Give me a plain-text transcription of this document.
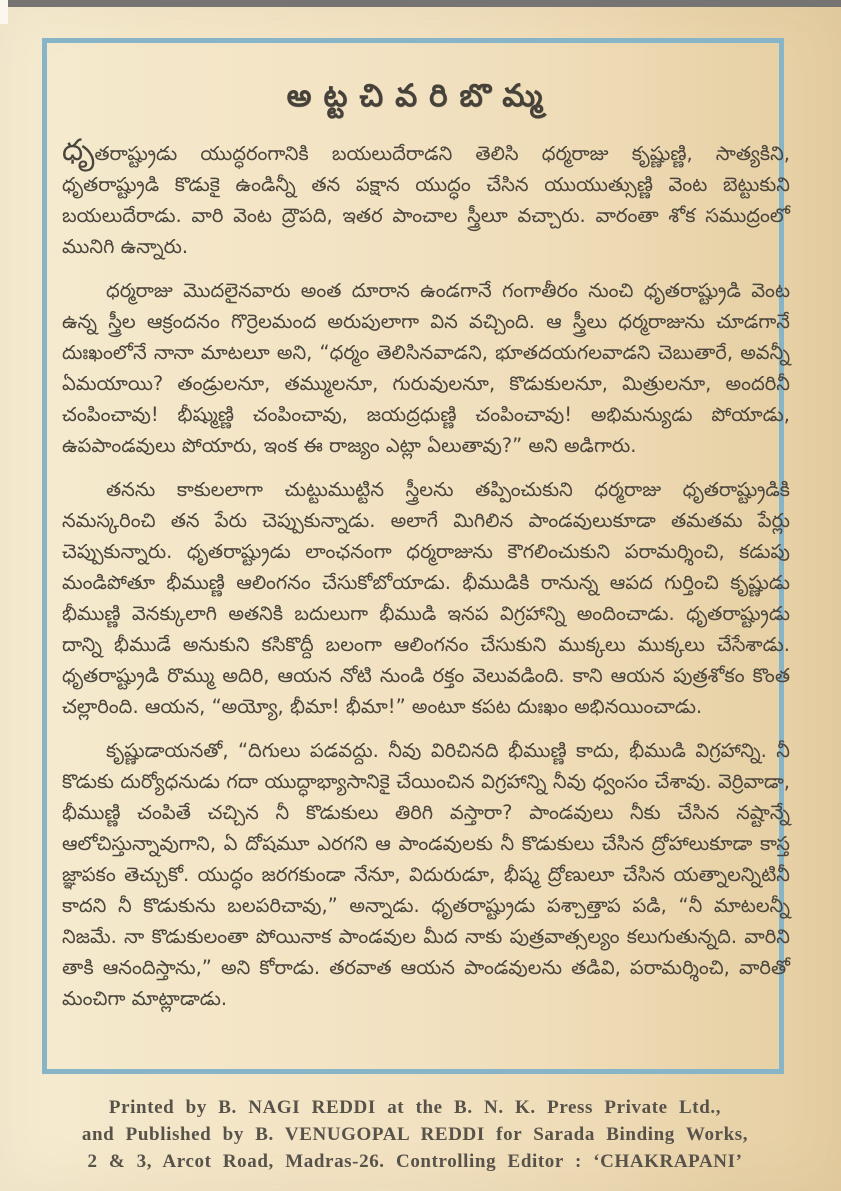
అట్టచివరిబొమ్మ

ధృతరాష్ట్రుడు యుద్ధరంగానికి బయలుదేరాడని తెలిసి ధర్మరాజు కృష్ణుణ్ణి, సాత్యకిని, ధృతరాష్ట్రుడి కొడుకై ఉండిన్నీ తన పక్షాన యుద్ధం చేసిన యుయుత్సుణ్ణి వెంట బెట్టుకుని బయలుదేరాడు. వారి వెంట ద్రౌపది, ఇతర పాంచాల స్త్రీలూ వచ్చారు. వారంతా శోక సముద్రంలో మునిగి ఉన్నారు.

ధర్మరాజు మొదలైనవారు అంత దూరాన ఉండగానే గంగాతీరం నుంచి ధృతరాష్ట్రుడి వెంట ఉన్న స్త్రీల ఆక్రందనం గొర్రెలమంద అరుపులాగా విన వచ్చింది. ఆ స్త్రీలు ధర్మరాజును చూడగానే దుఃఖంలోనే నానా మాటలూ అని, “ధర్మం తెలిసినవాడని, భూతదయగలవాడని చెబుతారే, అవన్నీ ఏమయాయి? తండ్రులనూ, తమ్ములనూ, గురువులనూ, కొడుకులనూ, మిత్రులనూ, అందరినీ చంపించావు! భీష్ముణ్ణి చంపించావు, జయద్రధుణ్ణి చంపించావు! అభిమన్యుడు పోయాడు, ఉపపాండవులు పోయారు, ఇంక ఈ రాజ్యం ఎట్లా ఏలుతావు?” అని అడిగారు.

తనను కాకులలాగా చుట్టుముట్టిన స్త్రీలను తప్పించుకుని ధర్మరాజు ధృతరాష్ట్రుడికి నమస్కరించి తన పేరు చెప్పుకున్నాడు. అలాగే మిగిలిన పాండవులుకూడా తమతమ పేర్లు చెప్పుకున్నారు. ధృతరాష్ట్రుడు లాంఛనంగా ధర్మరాజును కౌగలించుకుని పరామర్శించి, కడుపు మండిపోతూ భీముణ్ణి ఆలింగనం చేసుకోబోయాడు. భీముడికి రానున్న ఆపద గుర్తించి కృష్ణుడు భీముణ్ణి వెనక్కులాగి అతనికి బదులుగా భీముడి ఇనప విగ్రహాన్ని అందించాడు. ధృతరాష్ట్రుడు దాన్ని భీముడే అనుకుని కసికొద్దీ బలంగా ఆలింగనం చేసుకుని ముక్కలు ముక్కలు చేసేశాడు. ధృతరాష్ట్రుడి రొమ్ము అదిరి, ఆయన నోటి నుండి రక్తం వెలువడింది. కాని ఆయన పుత్రశోకం కొంత చల్లారింది. ఆయన, “అయ్యో, భీమా! భీమా!” అంటూ కపట దుఃఖం అభినయించాడు.

కృష్ణుడాయనతో, “దిగులు పడవద్దు. నీవు విరిచినది భీముణ్ణి కాదు, భీముడి విగ్రహాన్ని. నీ కొడుకు దుర్యోధనుడు గదా యుద్ధాభ్యాసానికై చేయించిన విగ్రహాన్ని నీవు ధ్వంసం చేశావు. వెర్రివాడా, భీముణ్ణి చంపితే చచ్చిన నీ కొడుకులు తిరిగి వస్తారా? పాండవులు నీకు చేసిన నష్టాన్నే ఆలోచిస్తున్నావుగాని, ఏ దోషమూ ఎరగని ఆ పాండవులకు నీ కొడుకులు చేసిన ద్రోహాలుకూడా కాస్త జ్ఞాపకం తెచ్చుకో. యుద్ధం జరగకుండా నేనూ, విదురుడూ, భీష్మ ద్రోణులూ చేసిన యత్నాలన్నిటినీ కాదని నీ కొడుకును బలపరిచావు,” అన్నాడు. ధృతరాష్ట్రుడు పశ్చాత్తాప పడి, “నీ మాటలన్నీ నిజమే. నా కొడుకులంతా పోయినాక పాండవుల మీద నాకు పుత్రవాత్సల్యం కలుగుతున్నది. వారిని తాకి ఆనందిస్తాను,” అని కోరాడు. తరవాత ఆయన పాండవులను తడివి, పరామర్శించి, వారితో మంచిగా మాట్లాడాడు.

Printed by B. NAGI REDDI at the B. N. K. Press Private Ltd.,
and Published by B. VENUGOPAL REDDI for Sarada Binding Works,
2 & 3, Arcot Road, Madras-26. Controlling Editor : ‘CHAKRAPANI’
